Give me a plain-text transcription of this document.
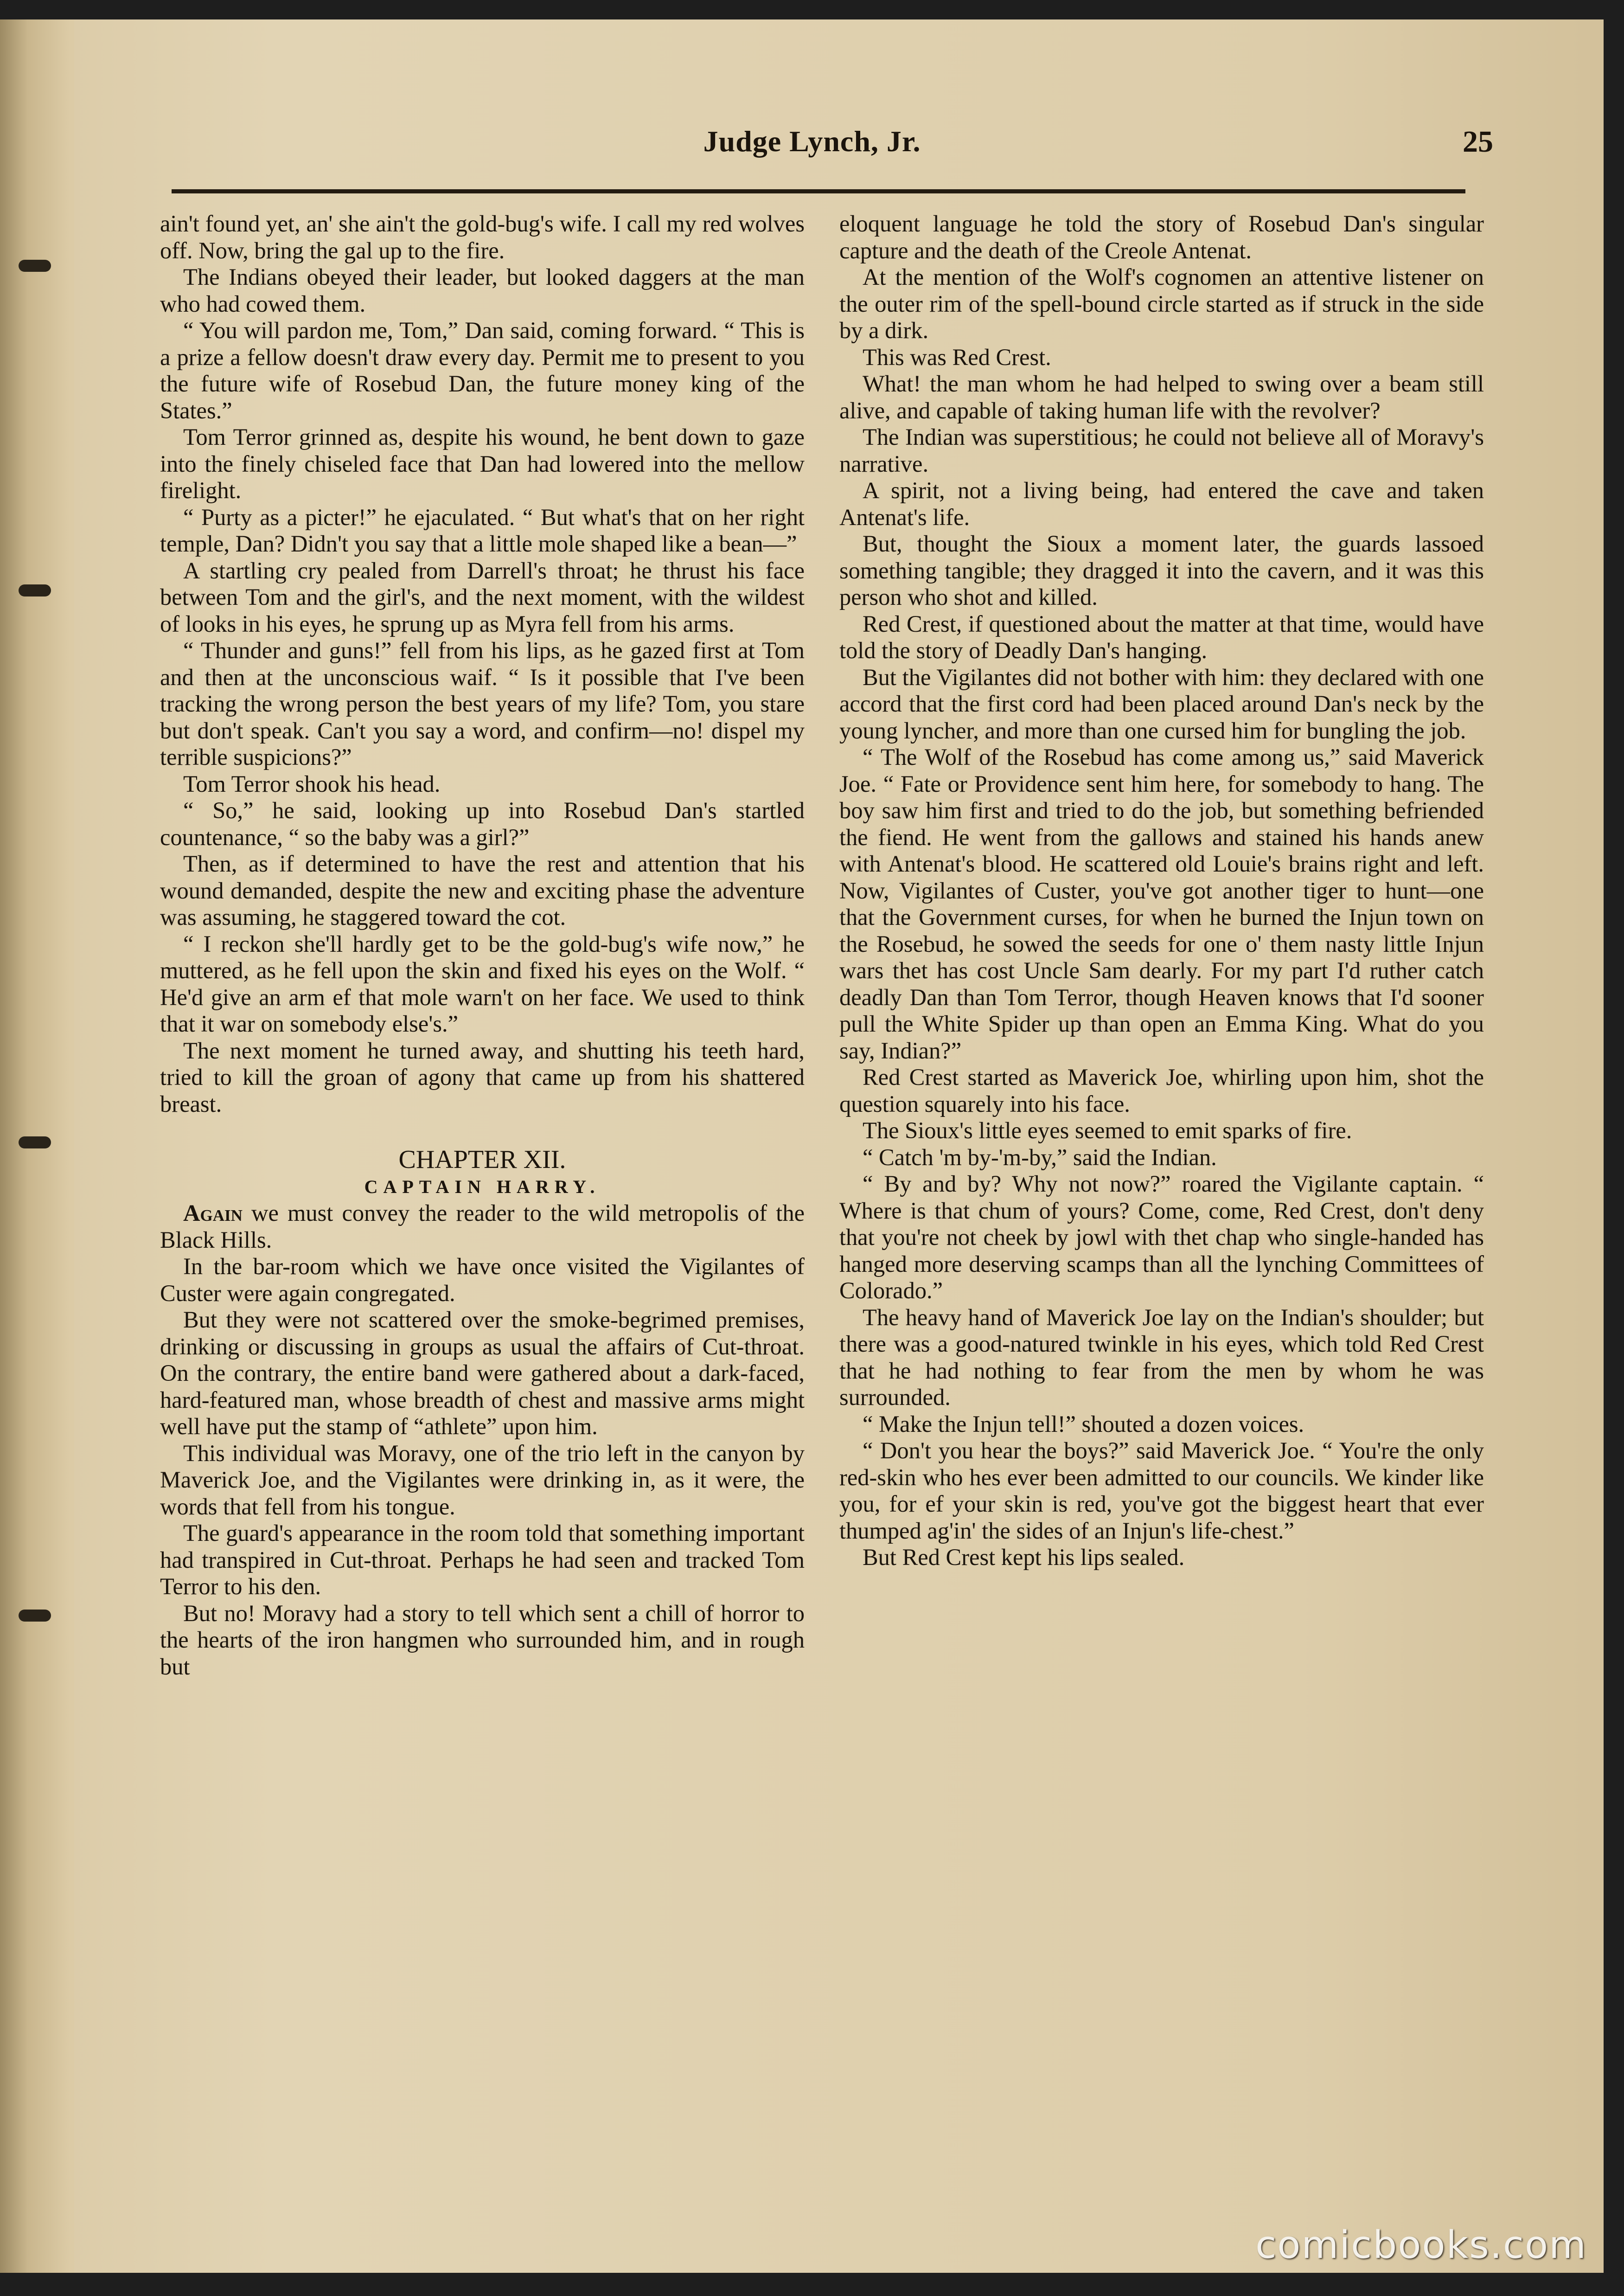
Judge Lynch, Jr.	25

ain't found yet, an' she ain't the gold-bug's wife. I call my red wolves off. Now, bring the gal up to the fire.

The Indians obeyed their leader, but looked daggers at the man who had cowed them.

“ You will pardon me, Tom,” Dan said, coming forward. “ This is a prize a fellow doesn't draw every day. Permit me to present to you the future wife of Rosebud Dan, the future money king of the States.”

Tom Terror grinned as, despite his wound, he bent down to gaze into the finely chiseled face that Dan had lowered into the mellow firelight.

“ Purty as a picter!” he ejaculated. “ But what's that on her right temple, Dan? Didn't you say that a little mole shaped like a bean—”

A startling cry pealed from Darrell's throat; he thrust his face between Tom and the girl's, and the next moment, with the wildest of looks in his eyes, he sprung up as Myra fell from his arms.

“ Thunder and guns!” fell from his lips, as he gazed first at Tom and then at the unconscious waif. “ Is it possible that I've been tracking the wrong person the best years of my life? Tom, you stare but don't speak. Can't you say a word, and confirm—no! dispel my terrible suspicions?”

Tom Terror shook his head.

“ So,” he said, looking up into Rosebud Dan's startled countenance, “ so the baby was a girl?”

Then, as if determined to have the rest and attention that his wound demanded, despite the new and exciting phase the adventure was assuming, he staggered toward the cot.

“ I reckon she'll hardly get to be the gold-bug's wife now,” he muttered, as he fell upon the skin and fixed his eyes on the Wolf. “ He'd give an arm ef that mole warn't on her face. We used to think that it war on somebody else's.”

The next moment he turned away, and shutting his teeth hard, tried to kill the groan of agony that came up from his shattered breast.

CHAPTER XII.
CAPTAIN HARRY.

Again we must convey the reader to the wild metropolis of the Black Hills.

In the bar-room which we have once visited the Vigilantes of Custer were again congregated.

But they were not scattered over the smoke-begrimed premises, drinking or discussing in groups as usual the affairs of Cut-throat. On the contrary, the entire band were gathered about a dark-faced, hard-featured man, whose breadth of chest and massive arms might well have put the stamp of “athlete” upon him.

This individual was Moravy, one of the trio left in the canyon by Maverick Joe, and the Vigilantes were drinking in, as it were, the words that fell from his tongue.

The guard's appearance in the room told that something important had transpired in Cut-throat. Perhaps he had seen and tracked Tom Terror to his den.

But no! Moravy had a story to tell which sent a chill of horror to the hearts of the iron hangmen who surrounded him, and in rough but

eloquent language he told the story of Rosebud Dan's singular capture and the death of the Creole Antenat.

At the mention of the Wolf's cognomen an attentive listener on the outer rim of the spell-bound circle started as if struck in the side by a dirk.

This was Red Crest.

What! the man whom he had helped to swing over a beam still alive, and capable of taking human life with the revolver?

The Indian was superstitious; he could not believe all of Moravy's narrative.

A spirit, not a living being, had entered the cave and taken Antenat's life.

But, thought the Sioux a moment later, the guards lassoed something tangible; they dragged it into the cavern, and it was this person who shot and killed.

Red Crest, if questioned about the matter at that time, would have told the story of Deadly Dan's hanging.

But the Vigilantes did not bother with him: they declared with one accord that the first cord had been placed around Dan's neck by the young lyncher, and more than one cursed him for bungling the job.

“ The Wolf of the Rosebud has come among us,” said Maverick Joe. “ Fate or Providence sent him here, for somebody to hang. The boy saw him first and tried to do the job, but something befriended the fiend. He went from the gallows and stained his hands anew with Antenat's blood. He scattered old Louie's brains right and left. Now, Vigilantes of Custer, you've got another tiger to hunt—one that the Government curses, for when he burned the Injun town on the Rosebud, he sowed the seeds for one o' them nasty little Injun wars thet has cost Uncle Sam dearly. For my part I'd ruther catch deadly Dan than Tom Terror, though Heaven knows that I'd sooner pull the White Spider up than open an Emma King. What do you say, Indian?”

Red Crest started as Maverick Joe, whirling upon him, shot the question squarely into his face.

The Sioux's little eyes seemed to emit sparks of fire.

“ Catch 'm by-'m-by,” said the Indian.

“ By and by? Why not now?” roared the Vigilante captain. “ Where is that chum of yours? Come, come, Red Crest, don't deny that you're not cheek by jowl with thet chap who single-handed has hanged more deserving scamps than all the lynching Committees of Colorado.”

The heavy hand of Maverick Joe lay on the Indian's shoulder; but there was a good-natured twinkle in his eyes, which told Red Crest that he had nothing to fear from the men by whom he was surrounded.

“ Make the Injun tell!” shouted a dozen voices.

“ Don't you hear the boys?” said Maverick Joe. “ You're the only red-skin who hes ever been admitted to our councils. We kinder like you, for ef your skin is red, you've got the biggest heart that ever thumped ag'in' the sides of an Injun's life-chest.”

But Red Crest kept his lips sealed.

comicbooks.com
